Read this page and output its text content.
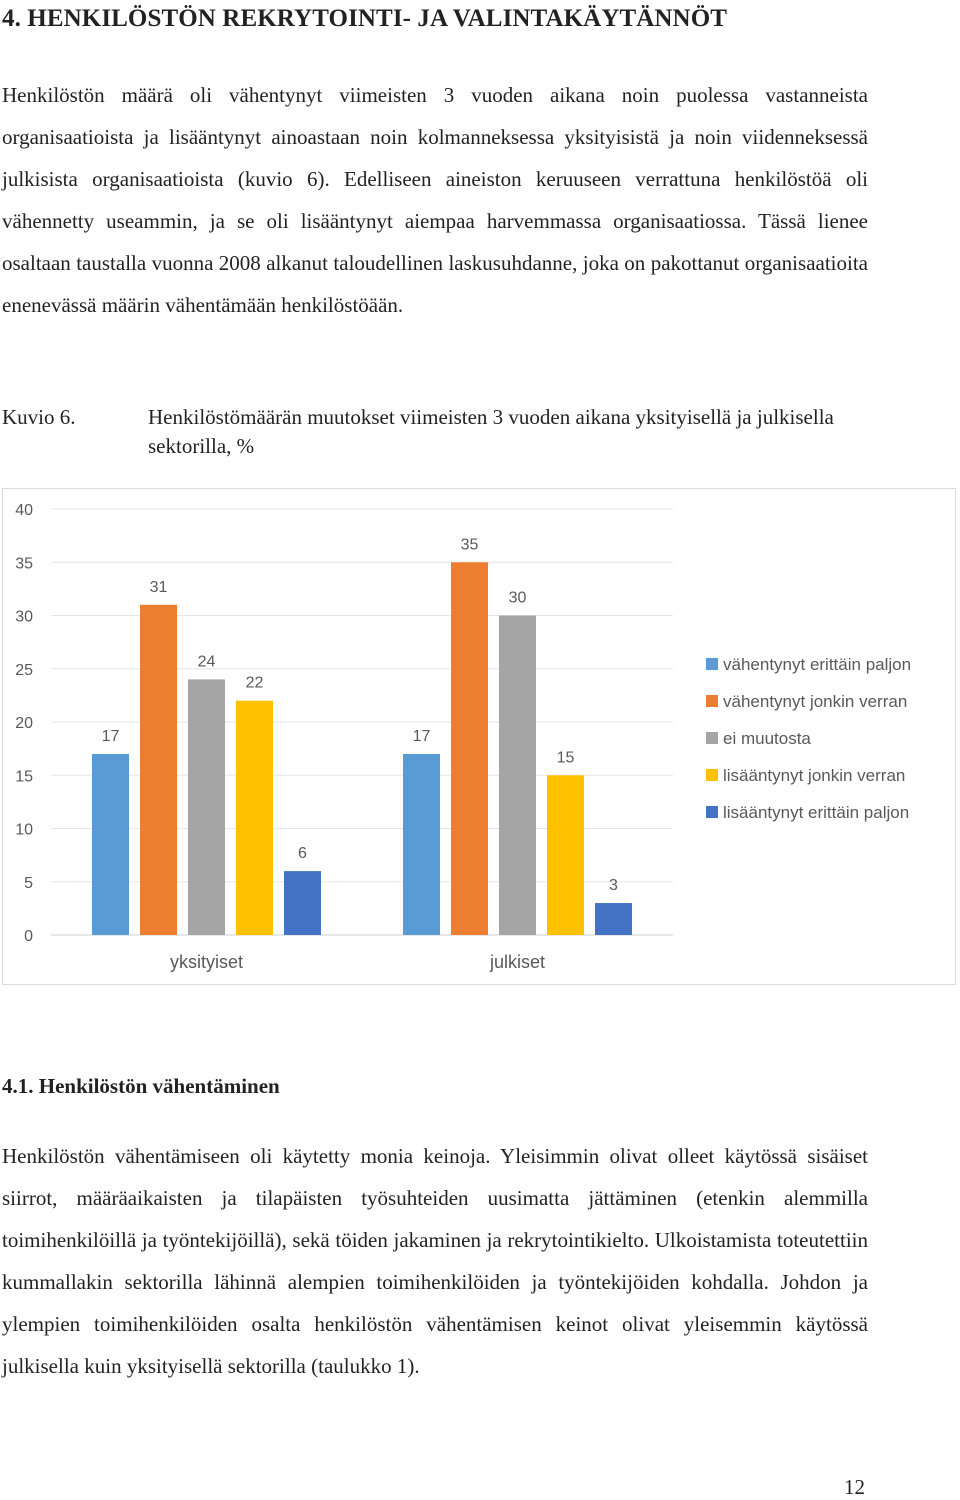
4. HENKILÖSTÖN REKRYTOINTI- JA VALINTAKÄYTÄNNÖT

Henkilöstön määrä oli vähentynyt viimeisten 3 vuoden aikana noin puolessa vastanneista organisaatioista ja lisääntynyt ainoastaan noin kolmanneksessa yksityisistä ja noin viidenneksessä julkisista organisaatioista (kuvio 6). Edelliseen aineiston keruuseen verrattuna henkilöstöä oli vähennetty useammin, ja se oli lisääntynyt aiempaa harvemmassa organisaatiossa. Tässä lienee osaltaan taustalla vuonna 2008 alkanut taloudellinen laskusuhdanne, joka on pakottanut organisaatioita enenevässä määrin vähentämään henkilöstöään.

Kuvio 6.	Henkilöstömäärän muutokset viimeisten 3 vuoden aikana yksityisellä ja julkisella sektorilla, %
0
5
10
15
20
25
30
35
40
17
31
24
22
6
yksityiset
17
35
30
15
3
julkiset
vähentynyt erittäin paljon
vähentynyt jonkin verran
ei muutosta
lisääntynyt jonkin verran
lisääntynyt erittäin paljon
4.1. Henkilöstön vähentäminen

Henkilöstön vähentämiseen oli käytetty monia keinoja. Yleisimmin olivat olleet käytössä sisäiset siirrot, määräaikaisten ja tilapäisten työsuhteiden uusimatta jättäminen (etenkin alemmilla toimihenkilöillä ja työntekijöillä), sekä töiden jakaminen ja rekrytointikielto. Ulkoistamista toteutettiin kummallakin sektorilla lähinnä alempien toimihenkilöiden ja työntekijöiden kohdalla. Johdon ja ylempien toimihenkilöiden osalta henkilöstön vähentämisen keinot olivat yleisemmin käytössä julkisella kuin yksityisellä sektorilla (taulukko 1).

12
